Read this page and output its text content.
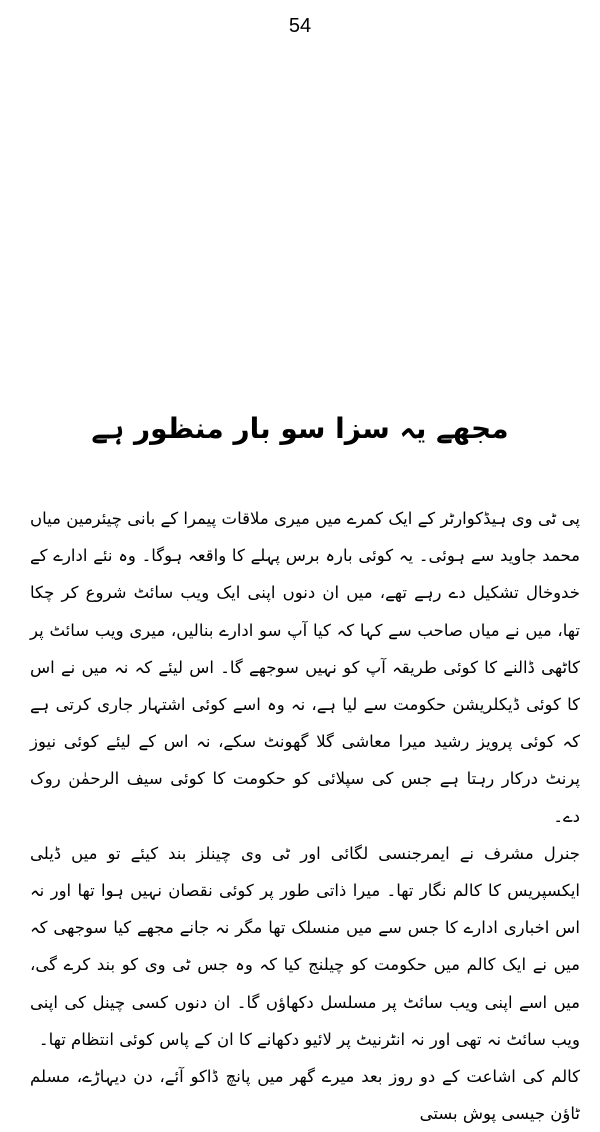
54
مجھے یہ سزا سو بار منظور ہے

پی ٹی وی ہیڈکوارٹر کے ایک کمرے میں میری ملاقات پیمرا کے بانی چیئرمین میاں محمد جاوید سے ہوئی۔ یہ کوئی بارہ برس پہلے کا واقعہ ہوگا۔ وہ نئے ادارے کے خدوخال تشکیل دے رہے تھے، میں ان دنوں اپنی ایک ویب سائٹ شروع کر چکا تھا، میں نے میاں صاحب سے کہا کہ کیا آپ سو ادارے بنالیں، میری ویب سائٹ پر کاٹھی ڈالنے کا کوئی طریقہ آپ کو نہیں سوجھے گا۔ اس لیئے کہ نہ میں نے اس کا کوئی ڈیکلریشن حکومت سے لیا ہے، نہ وہ اسے کوئی اشتہار جاری کرتی ہے کہ کوئی پرویز رشید میرا معاشی گلا گھونٹ سکے، نہ اس کے لیئے کوئی نیوز پرنٹ درکار رہتا ہے جس کی سپلائی کو حکومت کا کوئی سیف الرحمٰن روک دے۔

جنرل مشرف نے ایمرجنسی لگائی اور ٹی وی چینلز بند کیئے تو میں ڈیلی ایکسپریس کا کالم نگار تھا۔ میرا ذاتی طور پر کوئی نقصان نہیں ہوا تھا اور نہ اس اخباری ادارے کا جس سے میں منسلک تھا مگر نہ جانے مجھے کیا سوجھی کہ میں نے ایک کالم میں حکومت کو چیلنج کیا کہ وہ جس ٹی وی کو بند کرے گی، میں اسے اپنی ویب سائٹ پر مسلسل دکھاؤں گا۔ ان دنوں کسی چینل کی اپنی ویب سائٹ نہ تھی اور نہ انٹرنیٹ پر لائیو دکھانے کا ان کے پاس کوئی انتظام تھا۔

کالم کی اشاعت کے دو روز بعد میرے گھر میں پانچ ڈاکو آئے، دن دیہاڑے، مسلم ٹاؤن جیسی پوش بستی
